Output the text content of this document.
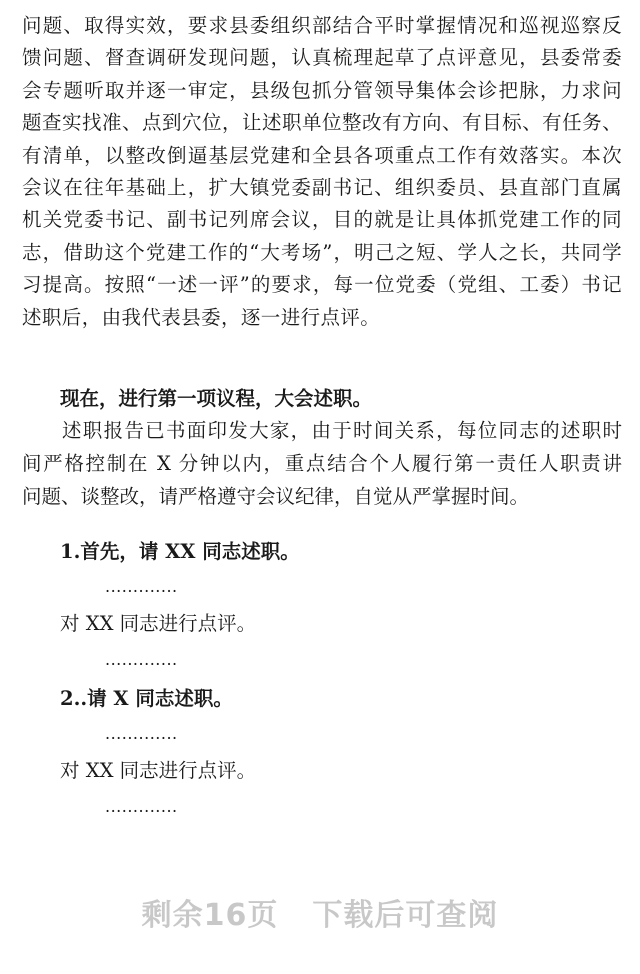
问题、取得实效，要求县委组织部结合平时掌握情况和巡视巡察反
馈问题、督查调研发现问题，认真梳理起草了点评意见，县委常委
会专题听取并逐一审定，县级包抓分管领导集体会诊把脉，力求问
题查实找准、点到穴位，让述职单位整改有方向、有目标、有任务、
有清单，以整改倒逼基层党建和全县各项重点工作有效落实。本次
会议在往年基础上，扩大镇党委副书记、组织委员、县直部门直属
机关党委书记、副书记列席会议，目的就是让具体抓党建工作的同
志，借助这个党建工作的“大考场”，明己之短、学人之长，共同学
习提高。按照“一述一评”的要求，每一位党委（党组、工委）书记
述职后，由我代表县委，逐一进行点评。
现在，进行第一项议程，大会述职。
述职报告已书面印发大家，由于时间关系，每位同志的述职时
间严格控制在 X 分钟以内，重点结合个人履行第一责任人职责讲
问题、谈整改，请严格遵守会议纪律，自觉从严掌握时间。
1.首先，请 XX 同志述职。
.............
对 XX 同志进行点评。
.............
2..请 X 同志述职。
.............
对 XX 同志进行点评。
.............
剩余16页 下载后可查阅
